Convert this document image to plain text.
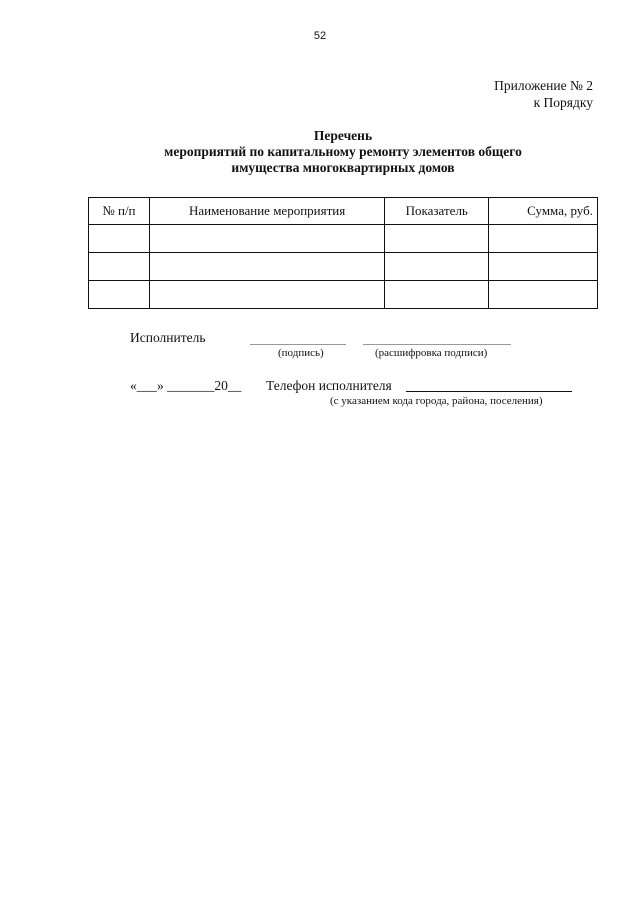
52
Приложение № 2
к Порядку
Перечень
мероприятий по капитальному ремонту элементов общего
имущества многоквартирных домов
№ п/п	Наименование мероприятия	Показатель	Сумма, руб.

Исполнитель
(подпись)	(расшифровка подписи)
«___» _______20__ Телефон исполнителя
(с указанием кода города, района, поселения)
